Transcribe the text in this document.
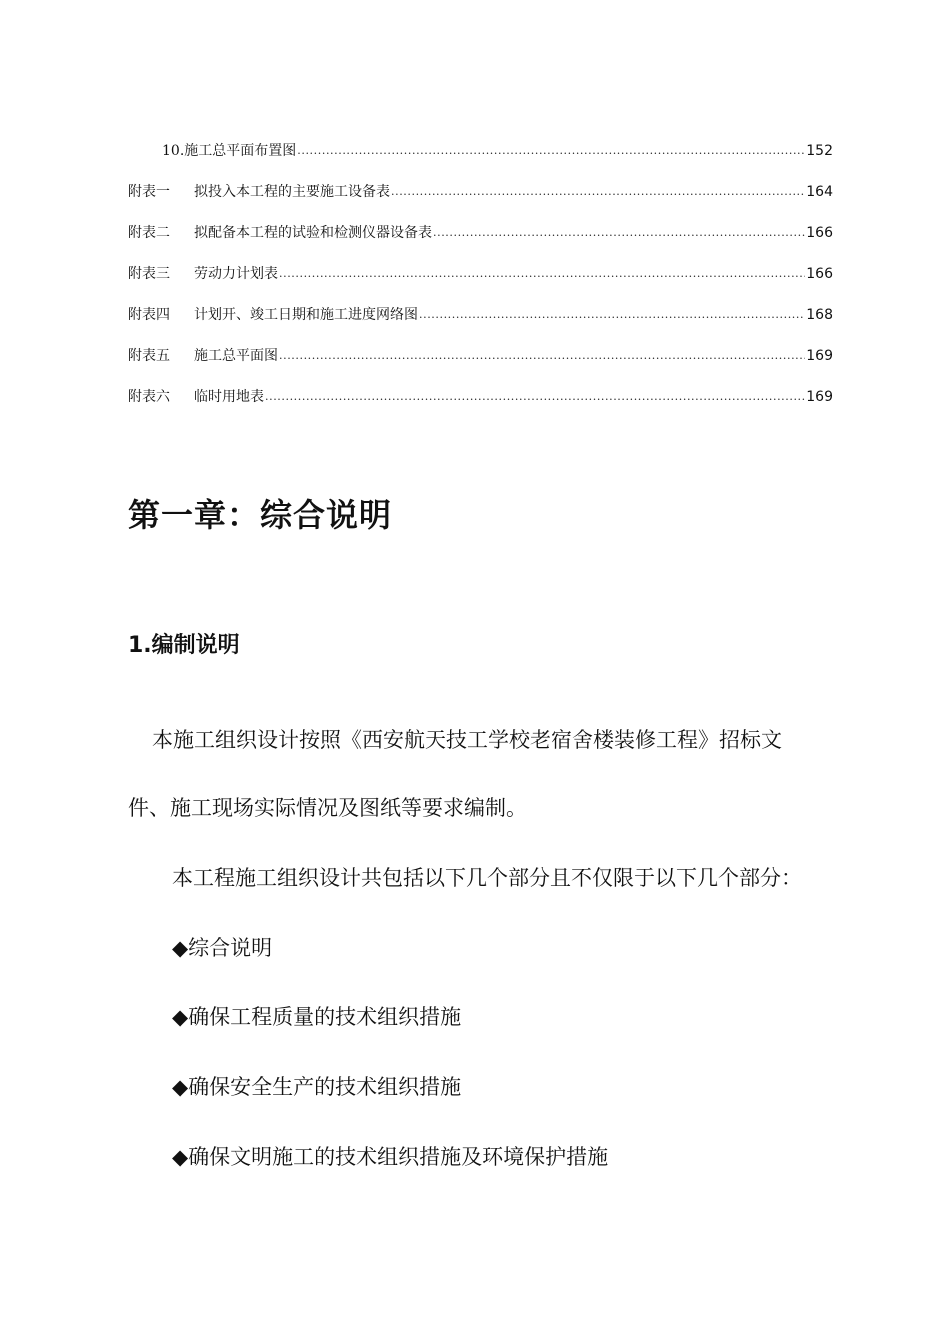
10.施工总平面布置图 .....	152
附表一	拟投入本工程的主要施工设备表 .....	164
附表二	拟配备本工程的试验和检测仪器设备表 .....	166
附表三	劳动力计划表 .....	166
附表四	计划开、竣工日期和施工进度网络图 .....	168
附表五	施工总平面图 .....	169
附表六	临时用地表 .....	169
第一章：综合说明
1.编制说明

本施工组织设计按照《西安航天技工学校老宿舍楼装修工程》招标文

件、施工现场实际情况及图纸等要求编制。

本工程施工组织设计共包括以下几个部分且不仅限于以下几个部分：

◆综合说明

◆确保工程质量的技术组织措施

◆确保安全生产的技术组织措施

◆确保文明施工的技术组织措施及环境保护措施
